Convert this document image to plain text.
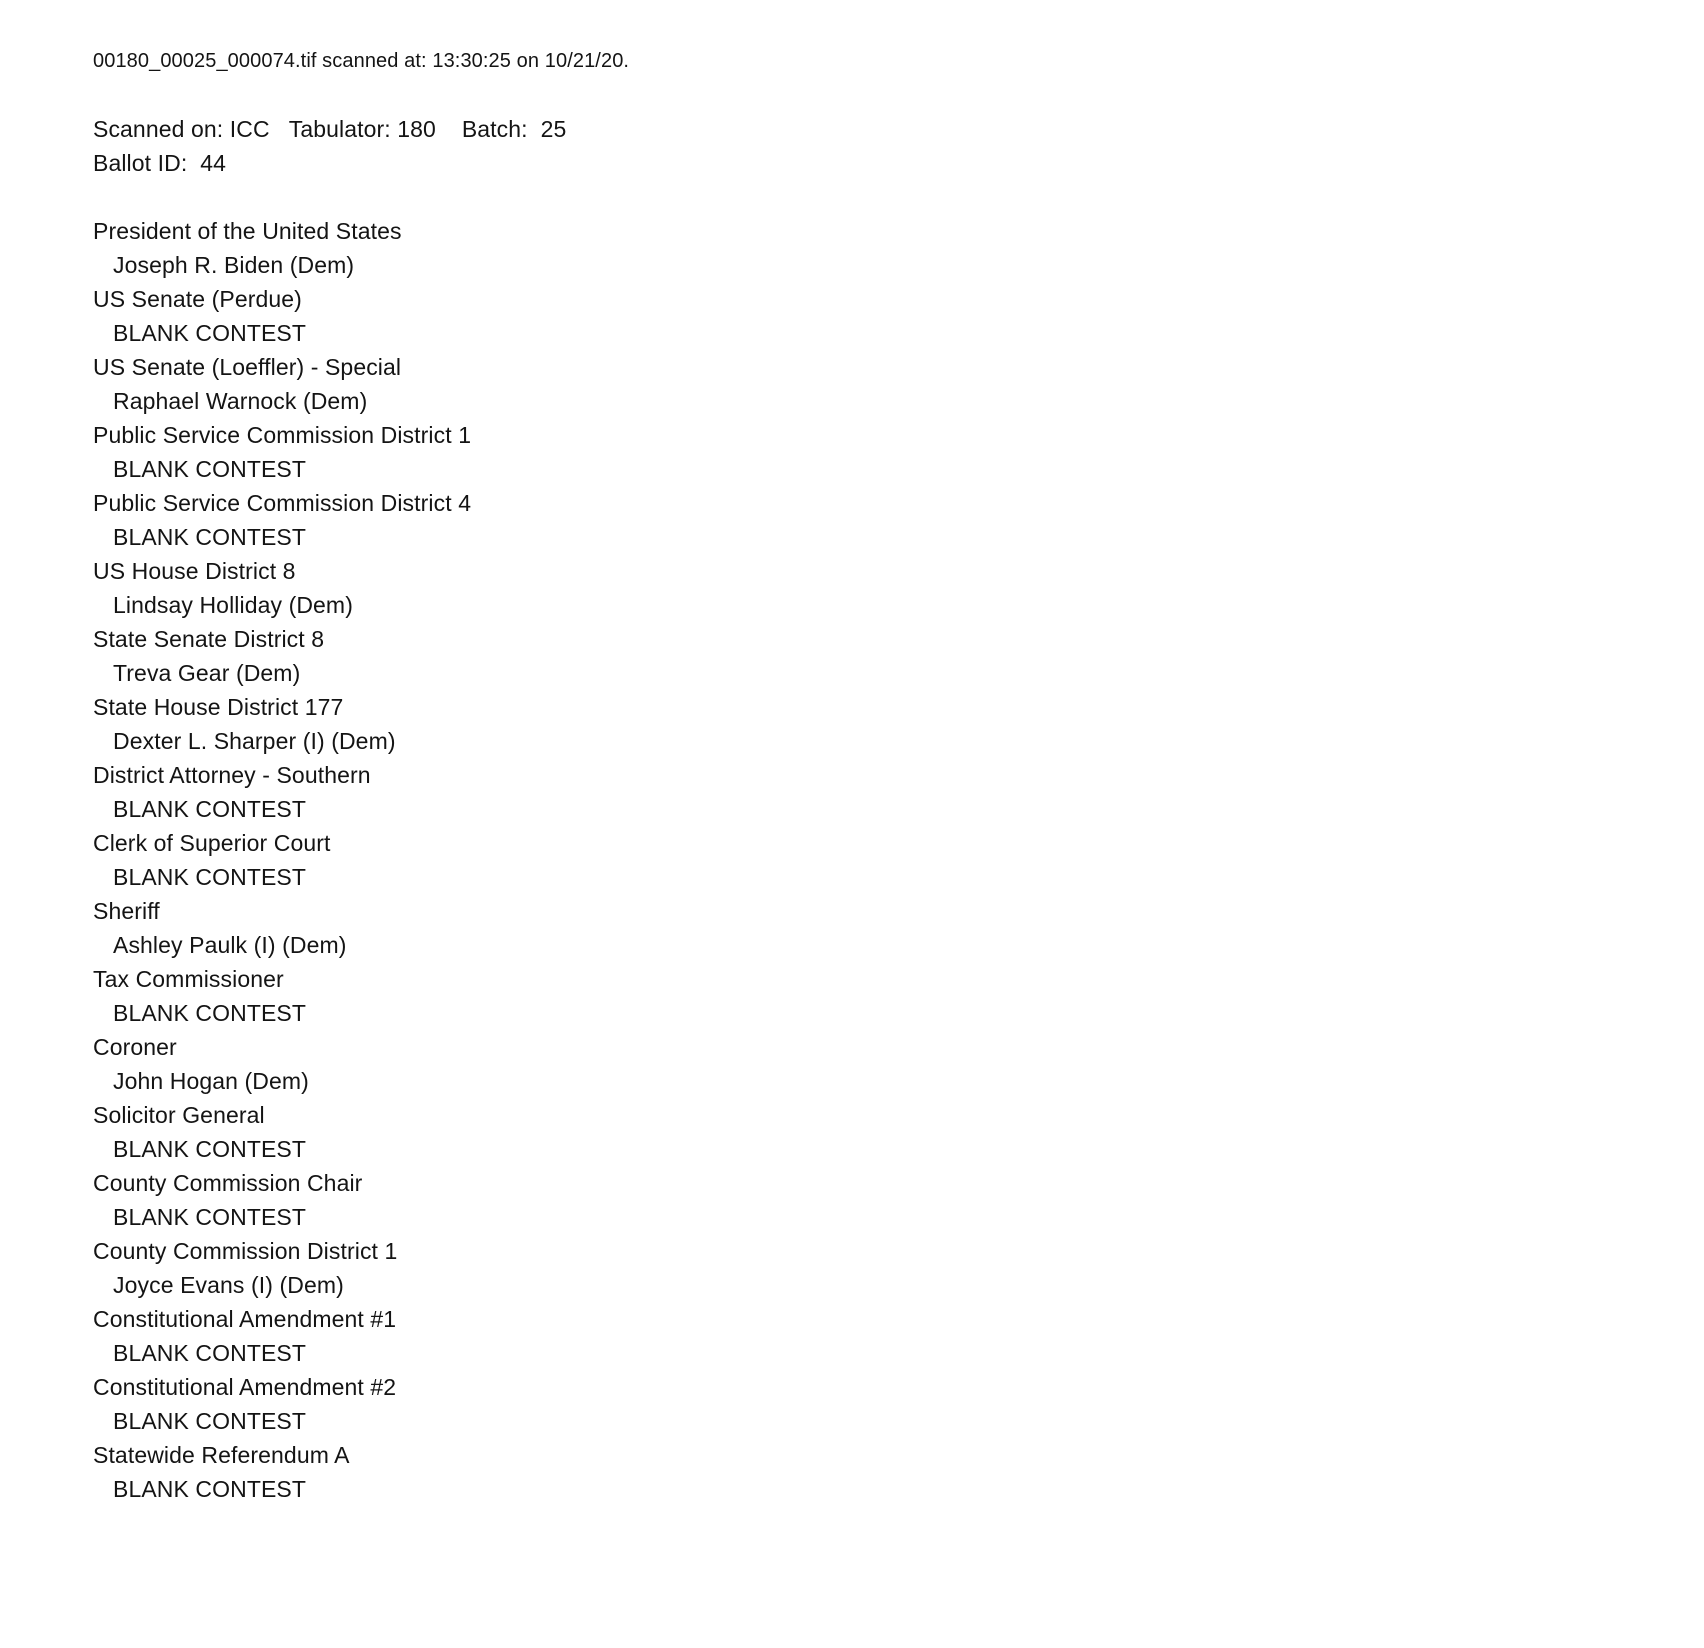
00180_00025_000074.tif scanned at: 13:30:25 on 10/21/20.
Scanned on: ICC   Tabulator: 180    Batch:  25
Ballot ID:  44
President of the United States
Joseph R. Biden (Dem)
US Senate (Perdue)
BLANK CONTEST
US Senate (Loeffler) - Special
Raphael Warnock (Dem)
Public Service Commission District 1
BLANK CONTEST
Public Service Commission District 4
BLANK CONTEST
US House District 8
Lindsay Holliday (Dem)
State Senate District 8
Treva Gear (Dem)
State House District 177
Dexter L. Sharper (I) (Dem)
District Attorney - Southern
BLANK CONTEST
Clerk of Superior Court
BLANK CONTEST
Sheriff
Ashley Paulk (I) (Dem)
Tax Commissioner
BLANK CONTEST
Coroner
John Hogan (Dem)
Solicitor General
BLANK CONTEST
County Commission Chair
BLANK CONTEST
County Commission District 1
Joyce Evans (I) (Dem)
Constitutional Amendment #1
BLANK CONTEST
Constitutional Amendment #2
BLANK CONTEST
Statewide Referendum A
BLANK CONTEST
